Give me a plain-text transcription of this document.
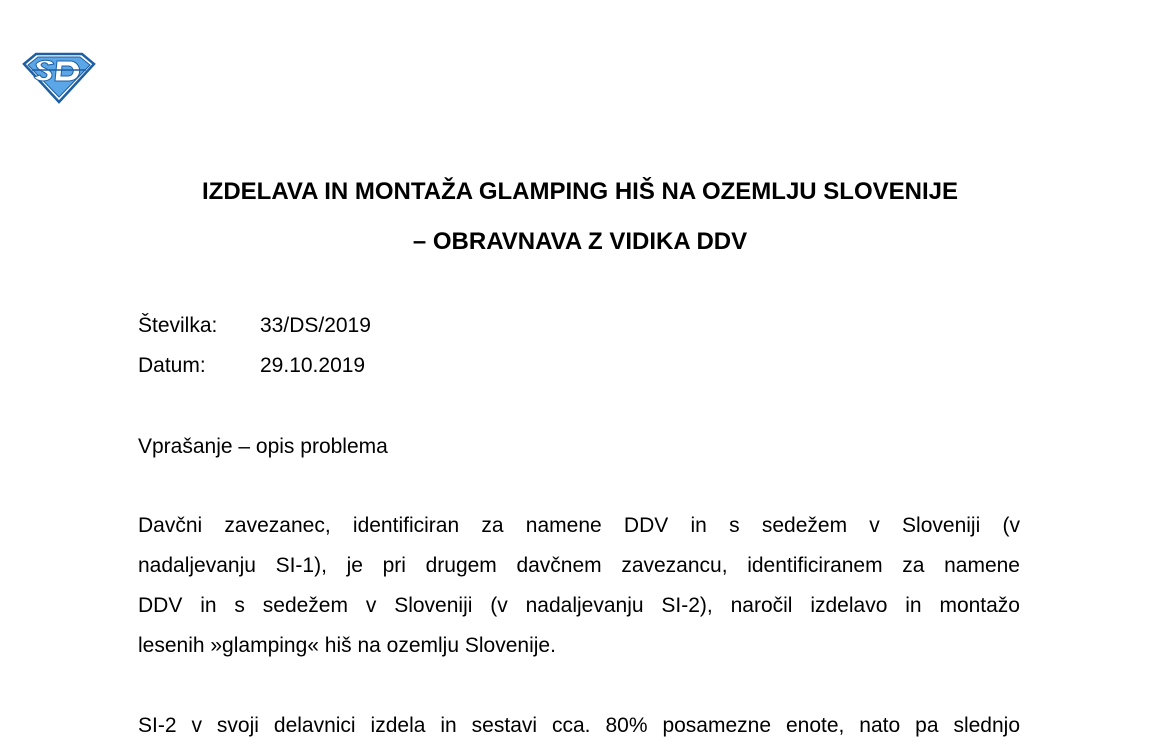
IZDELAVA IN MONTAŽA GLAMPING HIŠ NA OZEMLJU SLOVENIJE
– OBRAVNAVA Z VIDIKA DDV
Številka: 33/DS/2019
Datum:	29.10.2019
Vprašanje – opis problema
Davčni zavezanec, identificiran za namene DDV in s sedežem v Sloveniji (v
nadaljevanju SI-1), je pri drugem davčnem zavezancu, identificiranem za namene
DDV in s sedežem v Sloveniji (v nadaljevanju SI-2), naročil izdelavo in montažo
lesenih »glamping« hiš na ozemlju Slovenije.
SI-2 v svoji delavnici izdela in sestavi cca. 80% posamezne enote, nato pa slednjo
